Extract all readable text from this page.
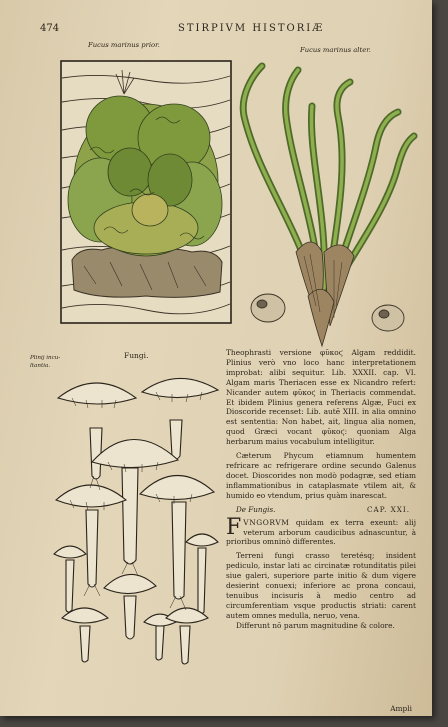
474	STIRPIVM HISTORIÆ
Fucus marinus prior.
Fucus marinus alter.
Fungi.
Plinij incu- ltantia.

Theophrasti versione φῦκοϛ Algam reddidit. Plinius verò vno loco hanc interpretationem improbat: alibi sequitur. Lib. XXXII. cap. VI. Algam maris Theriacen esse ex Nicandro refert: Nicander autem φῦκοϛ in Theriacis commendat. Et ibidem Plinius genera referens Algæ, Fuci ex Dioscoride recenset: Lib. autē XIII. in alia omnino est sententia: Non habet, ait, lingua alia nomen, quod Græci vocant φῦκοϛ: quoniam Alga herbarum maius vocabulum intelligitur.

Cæterum Phycum etiamnum humentem refricare ac refrigerare ordine secundo Galenus docet. Dioscorides non modò podagræ, sed etiam inflammationibus in cataplasmate vtilem ait, & humido eo vtendum, prius quàm inarescat.

De Fungis.	CAP. XXI.

FVNGORVM quidam ex terra exeunt: alij veterum arborum caudicibus adnascuntur, à prioribus omninò differentes.

Terreni fungi crasso teretésq; insident pediculo, instar lati ac circinatæ rotunditatis pilei siue galeri, superiore parte initio & dum vigere desierint conuexi; inferiore ac prona concaui, tenuibus incisuris à medio centro ad circumferentiam vsque productis striati: carent autem omnes medulla, neruo, vena.

Differunt nō parum magnitudine & colore.

Ampli
